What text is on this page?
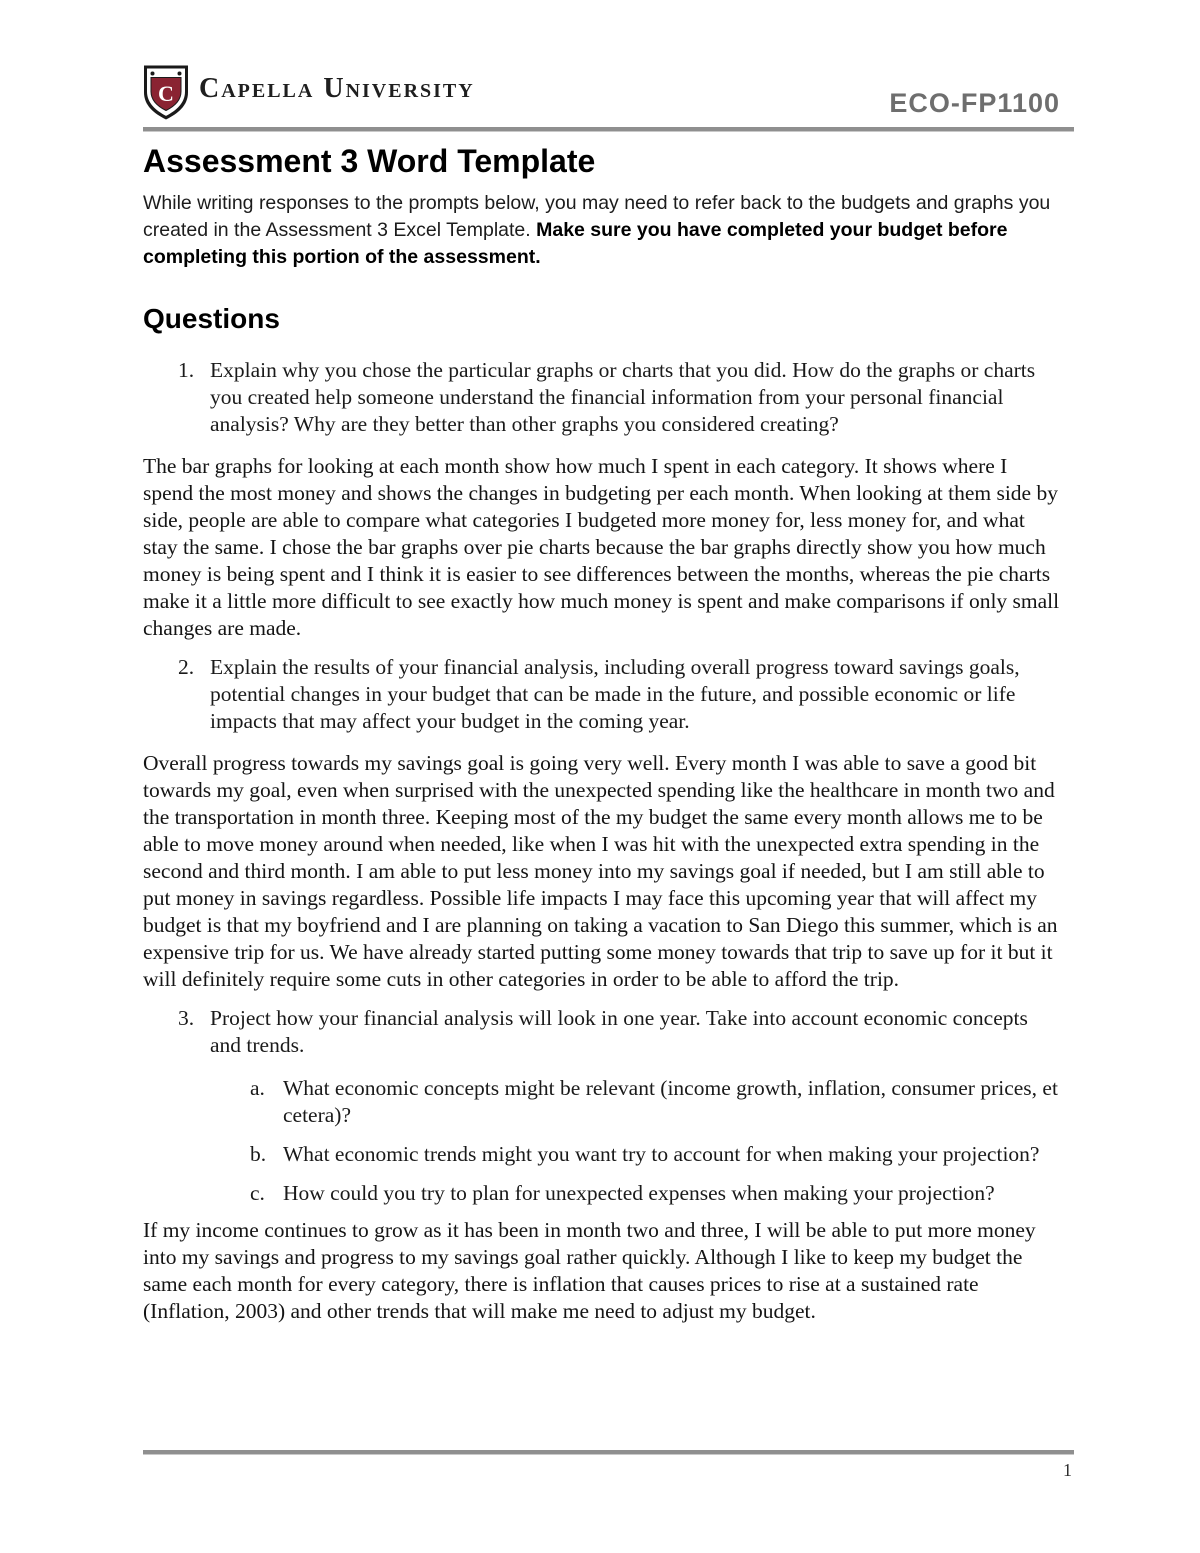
C Capella University	ECO-FP1100
Assessment 3 Word Template

While writing responses to the prompts below, you may need to refer back to the budgets and graphs you created in the Assessment 3 Excel Template. Make sure you have completed your budget before completing this portion of the assessment.

Questions
1. Explain why you chose the particular graphs or charts that you did. How do the graphs or charts you created help someone understand the financial information from your personal financial analysis? Why are they better than other graphs you considered creating?

The bar graphs for looking at each month show how much I spent in each category. It shows where I spend the most money and shows the changes in budgeting per each month. When looking at them side by side, people are able to compare what categories I budgeted more money for, less money for, and what stay the same. I chose the bar graphs over pie charts because the bar graphs directly show you how much money is being spent and I think it is easier to see differences between the months, whereas the pie charts make it a little more difficult to see exactly how much money is spent and make comparisons if only small changes are made.

2. Explain the results of your financial analysis, including overall progress toward savings goals, potential changes in your budget that can be made in the future, and possible economic or life impacts that may affect your budget in the coming year.

Overall progress towards my savings goal is going very well. Every month I was able to save a good bit towards my goal, even when surprised with the unexpected spending like the healthcare in month two and the transportation in month three. Keeping most of the my budget the same every month allows me to be able to move money around when needed, like when I was hit with the unexpected extra spending in the second and third month. I am able to put less money into my savings goal if needed, but I am still able to put money in savings regardless. Possible life impacts I may face this upcoming year that will affect my budget is that my boyfriend and I are planning on taking a vacation to San Diego this summer, which is an expensive trip for us. We have already started putting some money towards that trip to save up for it but it will definitely require some cuts in other categories in order to be able to afford the trip.

3. Project how your financial analysis will look in one year. Take into account economic concepts and trends.
a. What economic concepts might be relevant (income growth, inflation, consumer prices, et cetera)?
b. What economic trends might you want try to account for when making your projection?
c. How could you try to plan for unexpected expenses when making your projection?

If my income continues to grow as it has been in month two and three, I will be able to put more money into my savings and progress to my savings goal rather quickly. Although I like to keep my budget the same each month for every category, there is inflation that causes prices to rise at a sustained rate (Inflation, 2003) and other trends that will make me need to adjust my budget.

1
